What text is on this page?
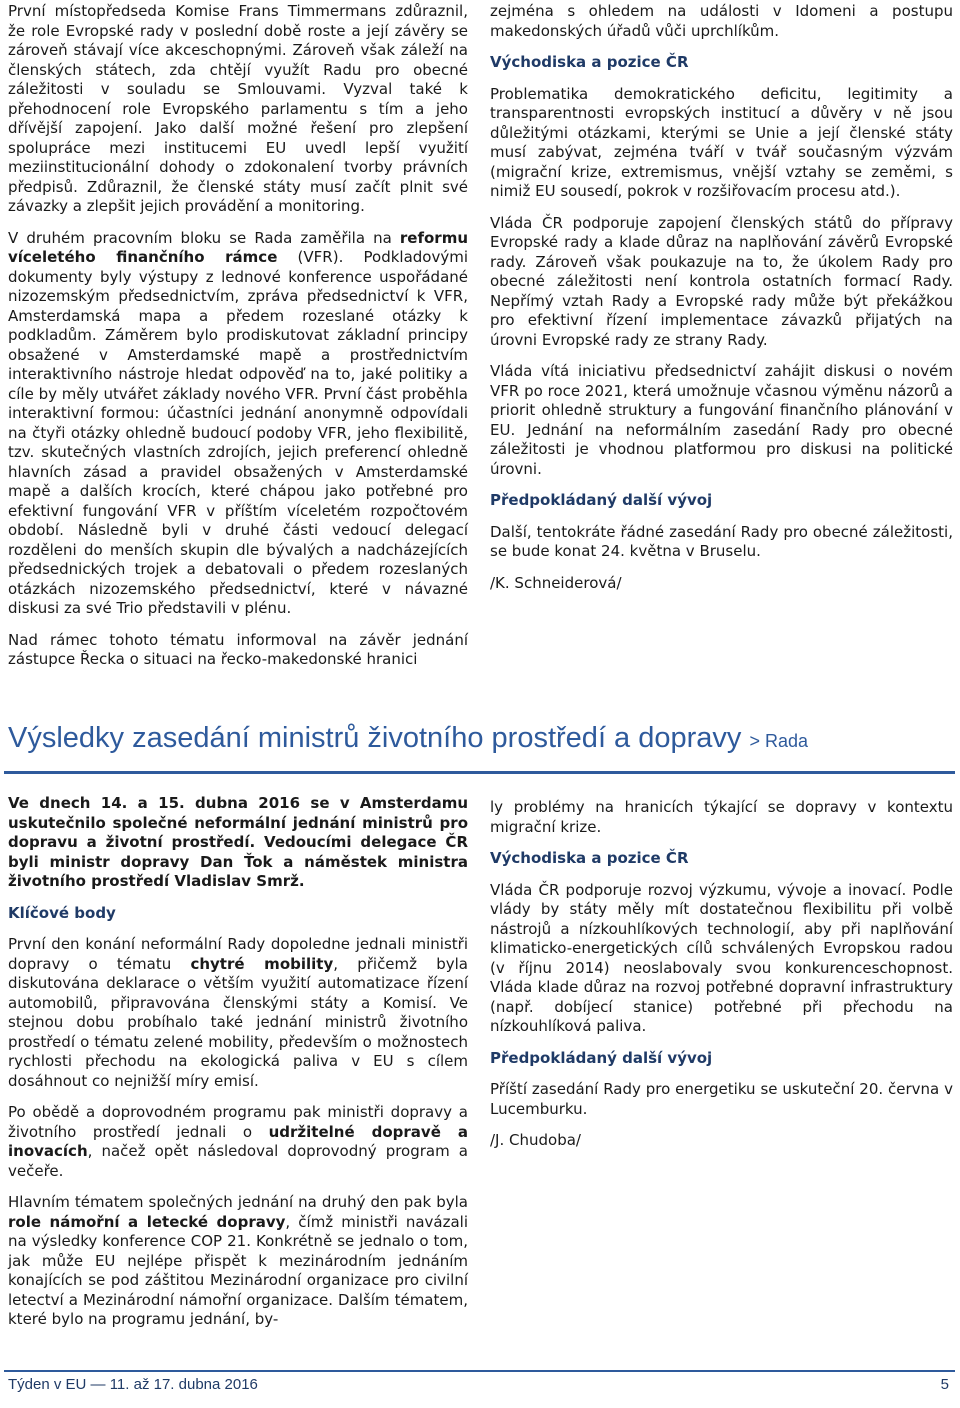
První místopředseda Komise Frans Timmermans zdůraznil, že role Evropské rady v poslední době roste a její závěry se zároveň stávají více akceschopnými. Zároveň však záleží na členských státech, zda chtějí využít Radu pro obecné záležitosti v souladu se Smlouvami. Vyzval také k přehodnocení role Evropského parlamentu s tím a jeho dřívější zapojení. Jako další možné řešení pro zlepšení spolupráce mezi institucemi EU uvedl lepší využití meziinstitucionální dohody o zdokonalení tvorby právních předpisů. Zdůraznil, že členské státy musí začít plnit své závazky a zlepšit jejich provádění a monitoring.

V druhém pracovním bloku se Rada zaměřila na reformu víceletého finančního rámce (VFR). Podkladovými dokumenty byly výstupy z lednové konference uspořádané nizozemským předsednictvím, zpráva předsednictví k VFR, Amsterdamská mapa a předem rozeslané otázky k podkladům. Záměrem bylo prodiskutovat základní principy obsažené v Amsterdamské mapě a prostřednictvím interaktivního nástroje hledat odpověď na to, jaké politiky a cíle by měly utvářet základy nového VFR. První část proběhla interaktivní formou: účastníci jednání anonymně odpovídali na čtyři otázky ohledně budoucí podoby VFR, jeho flexibilitě, tzv. skutečných vlastních zdrojích, jejich preferencí ohledně hlavních zásad a pravidel obsažených v Amsterdamské mapě a dalších krocích, které chápou jako potřebné pro efektivní fungování VFR v příštím víceletém rozpočtovém období. Následně byli v druhé části vedoucí delegací rozděleni do menších skupin dle bývalých a nadcházejících předsednických trojek a debatovali o předem rozeslaných otázkách nizozemského předsednictví, které v návazné diskusi za své Trio představili v plénu.

Nad rámec tohoto tématu informoval na závěr jednání zástupce Řecka o situaci na řecko-makedonské hranici

zejména s ohledem na události v Idomeni a postupu makedonských úřadů vůči uprchlíkům.

Východiska a pozice ČR

Problematika demokratického deficitu, legitimity a transparentnosti evropských institucí a důvěry v ně jsou důležitými otázkami, kterými se Unie a její členské státy musí zabývat, zejména tváří v tvář současným výzvám (migrační krize, extremismus, vnější vztahy se zeměmi, s nimiž EU sousedí, pokrok v rozšiřovacím procesu atd.).

Vláda ČR podporuje zapojení členských států do přípravy Evropské rady a klade důraz na naplňování závěrů Evropské rady. Zároveň však poukazuje na to, že úkolem Rady pro obecné záležitosti není kontrola ostatních formací Rady. Nepřímý vztah Rady a Evropské rady může být překážkou pro efektivní řízení implementace závazků přijatých na úrovni Evropské rady ze strany Rady.

Vláda vítá iniciativu předsednictví zahájit diskusi o novém VFR po roce 2021, která umožnuje včasnou výměnu názorů a priorit ohledně struktury a fungování finančního plánování v EU. Jednání na neformálním zasedání Rady pro obecné záležitosti je vhodnou platformou pro diskusi na politické úrovni.

Předpokládaný další vývoj

Další, tentokráte řádné zasedání Rady pro obecné záležitosti, se bude konat 24. května v Bruselu.

/K. Schneiderová/

Výsledky zasedání ministrů životního prostředí a dopravy > Rada

Ve dnech 14. a 15. dubna 2016 se v Amsterdamu uskutečnilo společné neformální jednání ministrů pro dopravu a životní prostředí. Vedoucími delegace ČR byli ministr dopravy Dan Ťok a náměstek ministra životního prostředí Vladislav Smrž.

Klíčové body

První den konání neformální Rady dopoledne jednali ministři dopravy o tématu chytré mobility, přičemž byla diskutována deklarace o větším využití automatizace řízení automobilů, připravována členskými státy a Komisí. Ve stejnou dobu probíhalo také jednání ministrů životního prostředí o tématu zelené mobility, především o možnostech rychlosti přechodu na ekologická paliva v EU s cílem dosáhnout co nejnižší míry emisí.

Po obědě a doprovodném programu pak ministři dopravy a životního prostředí jednali o udržitelné dopravě a inovacích, načež opět následoval doprovodný program a večeře.

Hlavním tématem společných jednání na druhý den pak byla role námořní a letecké dopravy, čímž ministři navázali na výsledky konference COP 21. Konkrétně se jednalo o tom, jak může EU nejlépe přispět k mezinárodním jednáním konajících se pod záštitou Mezinárodní organizace pro civilní letectví a Mezinárodní námořní organizace. Dalším tématem, které bylo na programu jednání, by-

ly problémy na hranicích týkající se dopravy v kontextu migrační krize.

Východiska a pozice ČR

Vláda ČR podporuje rozvoj výzkumu, vývoje a inovací. Podle vlády by státy měly mít dostatečnou flexibilitu při volbě nástrojů a nízkouhlíkových technologií, aby při naplňování klimaticko-energetických cílů schválených Evropskou radou (v říjnu 2014) neoslabovaly svou konkurenceschopnost. Vláda klade důraz na rozvoj potřebné dopravní infrastruktury (např. dobíjecí stanice) potřebné při přechodu na nízkouhlíková paliva.

Předpokládaný další vývoj

Příští zasedání Rady pro energetiku se uskuteční 20. června v Lucemburku.

/J. Chudoba/

Týden v EU — 11. až 17. dubna 2016	5
